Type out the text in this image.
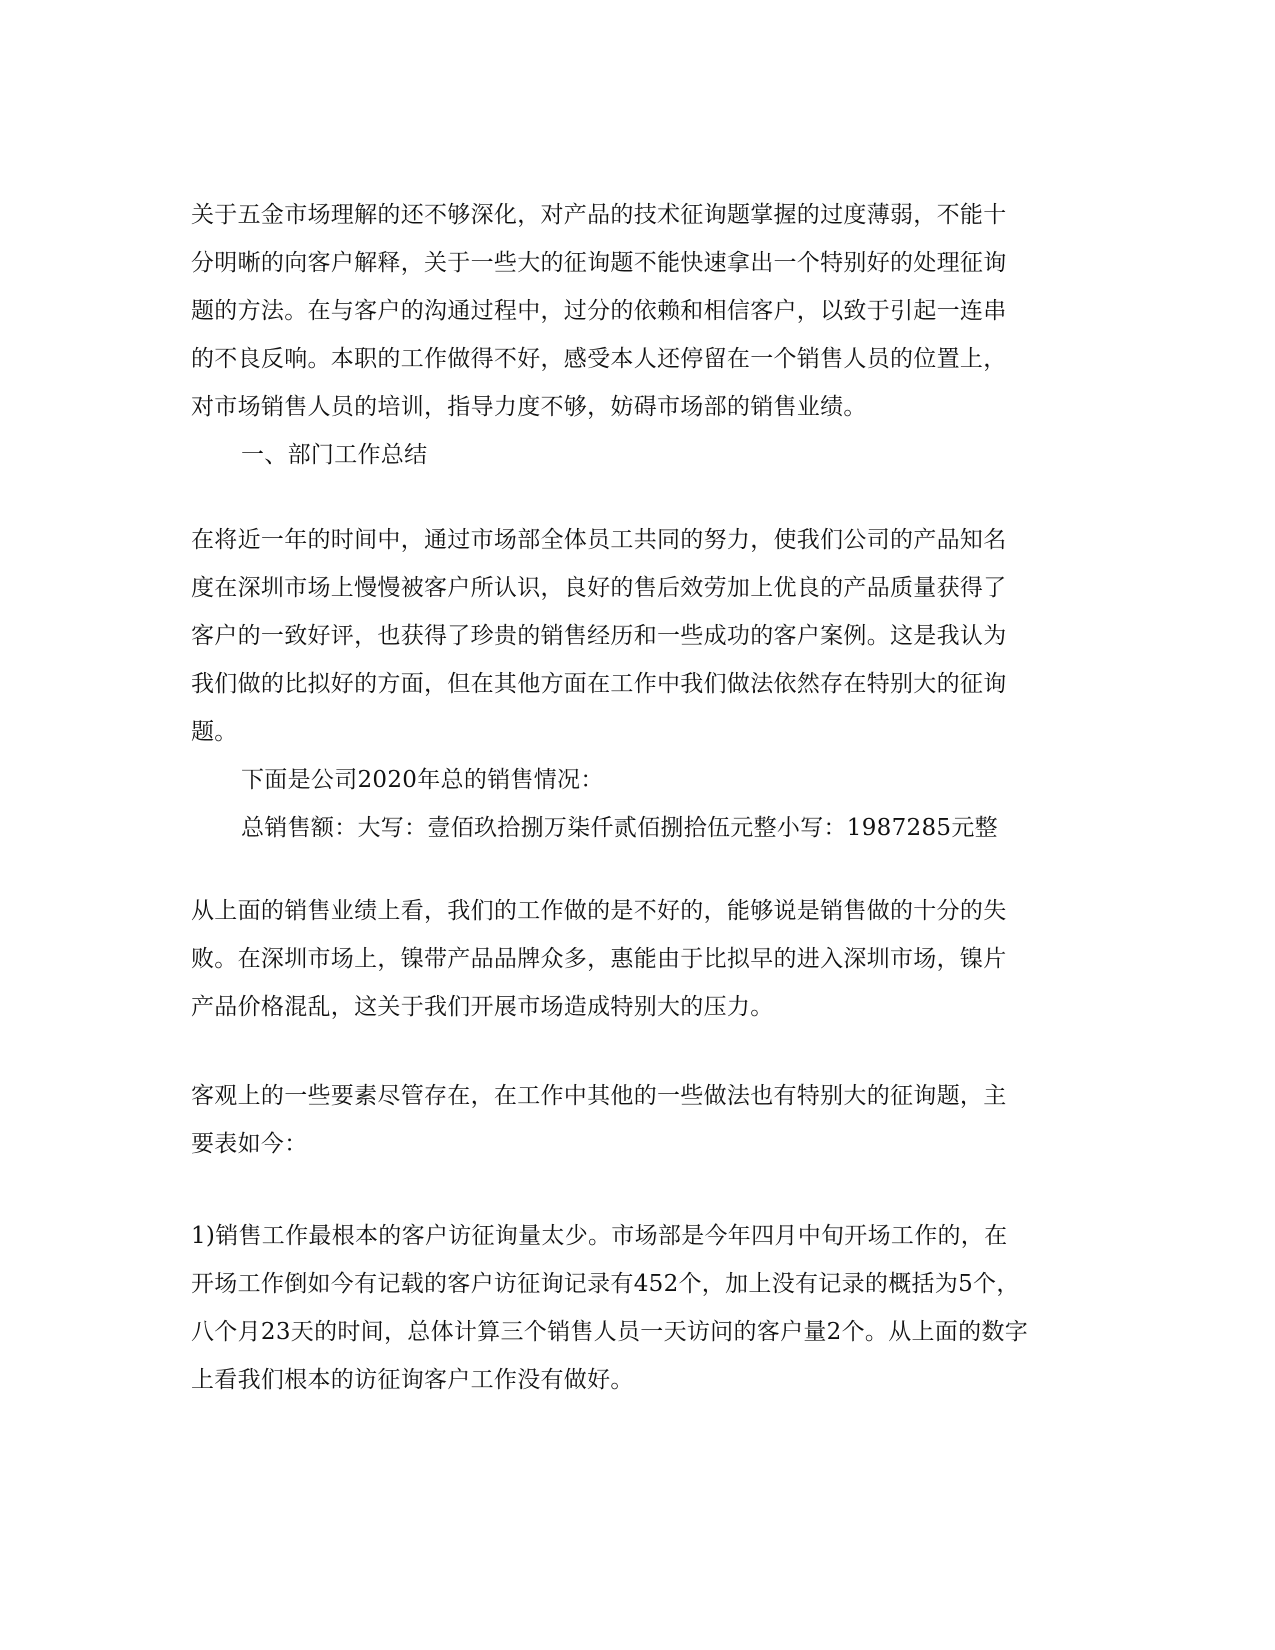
关于五金市场理解的还不够深化，对产品的技术征询题掌握的过度薄弱，不能十
分明晰的向客户解释，关于一些大的征询题不能快速拿出一个特别好的处理征询
题的方法。在与客户的沟通过程中，过分的依赖和相信客户，以致于引起一连串
的不良反响。本职的工作做得不好，感受本人还停留在一个销售人员的位置上，
对市场销售人员的培训，指导力度不够，妨碍市场部的销售业绩。
一、部门工作总结
在将近一年的时间中，通过市场部全体员工共同的努力，使我们公司的产品知名
度在深圳市场上慢慢被客户所认识，良好的售后效劳加上优良的产品质量获得了
客户的一致好评，也获得了珍贵的销售经历和一些成功的客户案例。这是我认为
我们做的比拟好的方面，但在其他方面在工作中我们做法依然存在特别大的征询
题。
下面是公司2020年总的销售情况：
总销售额：大写：壹佰玖拾捌万柒仟贰佰捌拾伍元整小写：1987285元整
从上面的销售业绩上看，我们的工作做的是不好的，能够说是销售做的十分的失
败。在深圳市场上，镍带产品品牌众多，惠能由于比拟早的进入深圳市场，镍片
产品价格混乱，这关于我们开展市场造成特别大的压力。
客观上的一些要素尽管存在，在工作中其他的一些做法也有特别大的征询题，主
要表如今：
1)销售工作最根本的客户访征询量太少。市场部是今年四月中旬开场工作的，在
开场工作倒如今有记载的客户访征询记录有452个，加上没有记录的概括为5个，
八个月23天的时间，总体计算三个销售人员一天访问的客户量2个。从上面的数字
上看我们根本的访征询客户工作没有做好。
